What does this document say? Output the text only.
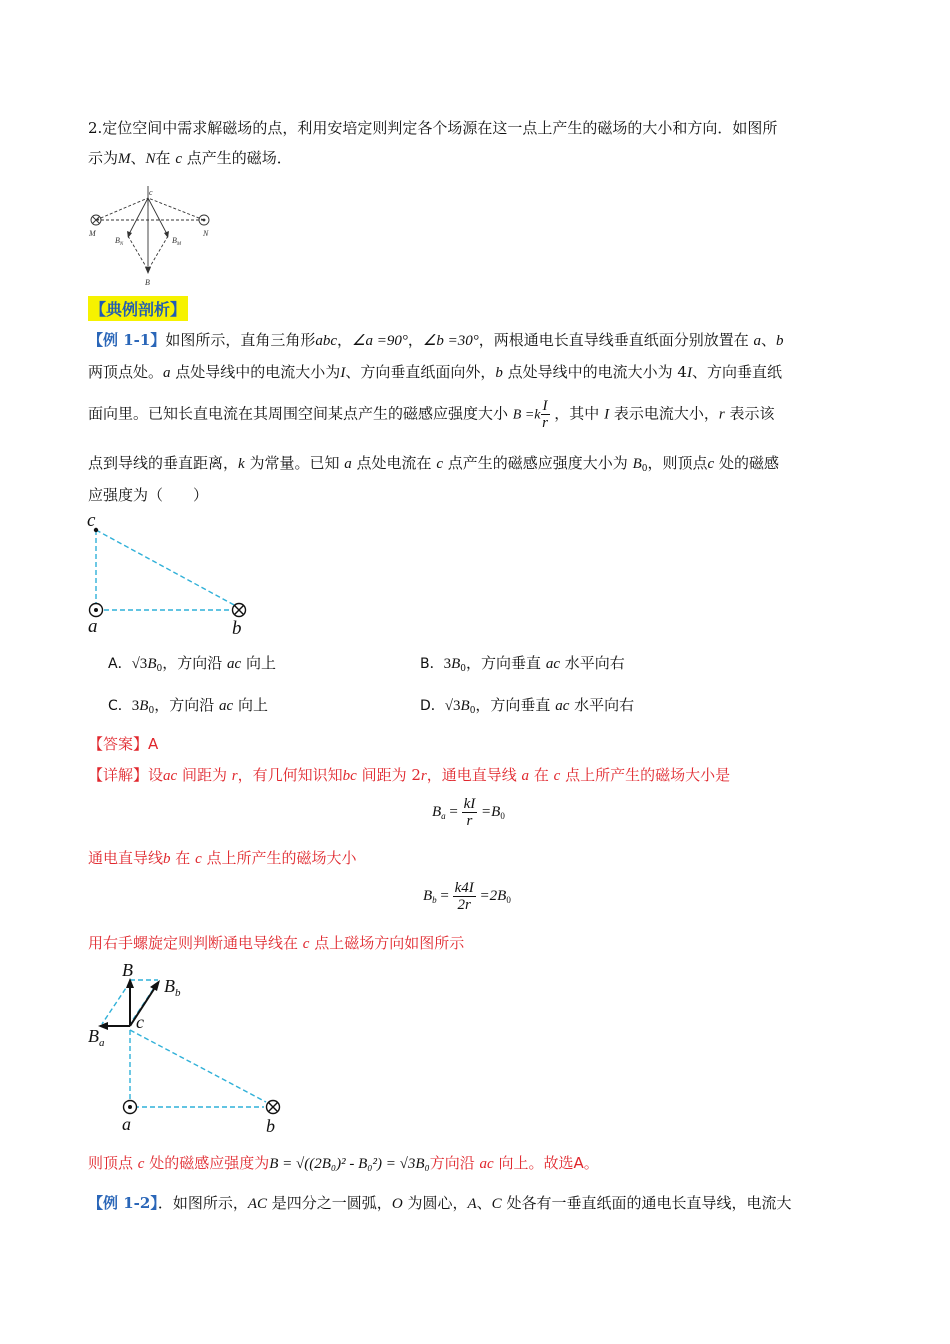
2.定位空间中需求解磁场的点，利用安培定则判定各个场源在这一点上产生的磁场的大小和方向．如图所
示为M、N在 c 点产生的磁场．
c
M	N
$B_N$	$B_M$
B
【典例剖析】
【例 1-1】如图所示，直角三角形abc，∠a =90°，∠b =30°，两根通电长直导线垂直纸面分别放置在 a、b
两顶点处。a 点处导线中的电流大小为I、方向垂直纸面向外，b 点处导线中的电流大小为 4I、方向垂直纸
面向里。已知长直电流在其周围空间某点产生的磁感应强度大小 $B =k \frac{I}{r}$ ，其中 I 表示电流大小，r 表示该
点到导线的垂直距离，k 为常量。已知 a 点处电流在 c 点产生的磁感应强度大小为 $B_0$，则顶点c 处的磁感
应强度为（　　）
c
a	b
A．$√3B_0$，方向沿 ac 向上	B．$3B_0$，方向垂直 ac 水平向右
C．$3B_0$，方向沿 ac 向上	D．$√3B_0$，方向垂直 ac 水平向右
【答案】A
【详解】设ac 间距为 r，有几何知识知bc 间距为 2r，通电直导线 a 在 c 点上所产生的磁场大小是
$B_a = \frac{kI}{r} =B_0$
通电直导线b 在 c 点上所产生的磁场大小
$B_b = \frac{k4I}{2r} =2B_0$
用右手螺旋定则判断通电导线在 c 点上磁场方向如图所示
B
$B_b$
c
$B_a$
a	b
则顶点 c 处的磁感应强度为B = √((2B₀)² - B₀²) = √3B₀方向沿 ac 向上。故选A。
【例 1-2】．如图所示，AC 是四分之一圆弧，O 为圆心，A、C 处各有一垂直纸面的通电长直导线，电流大
